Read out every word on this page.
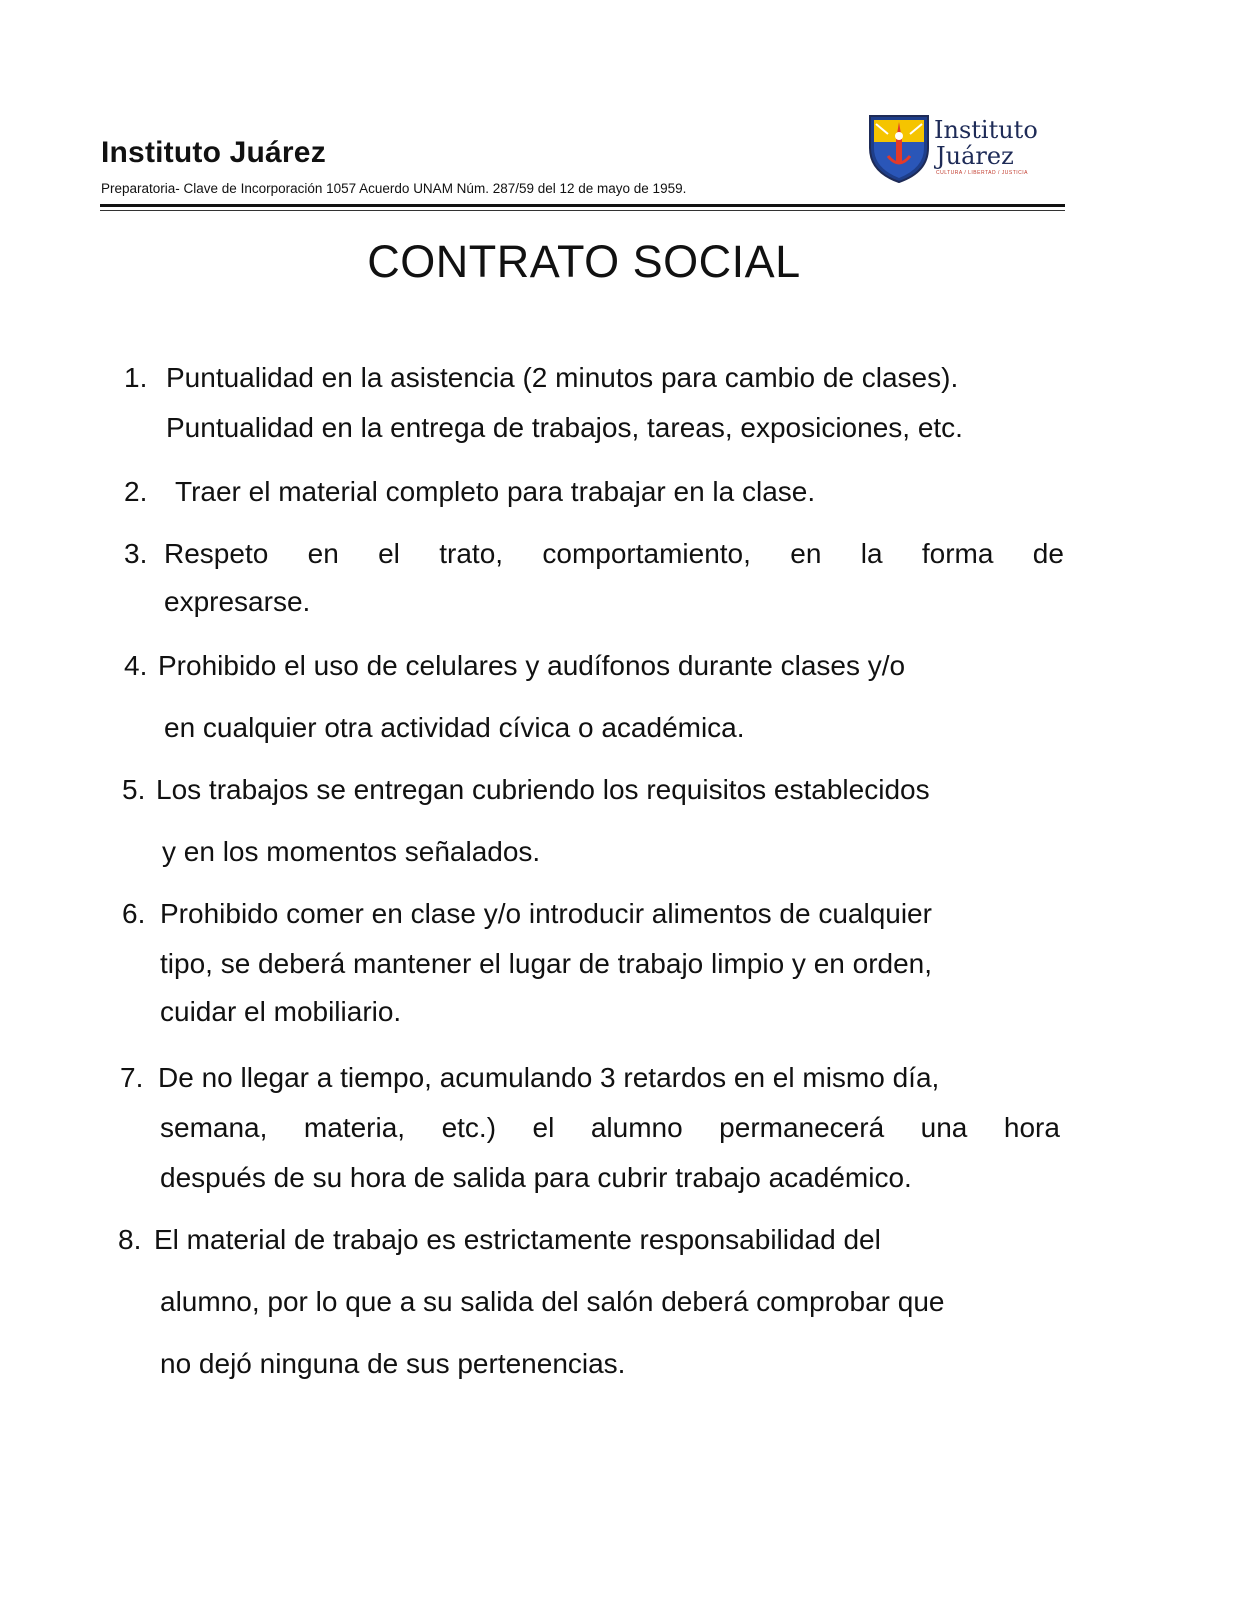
Instituto Juárez
Preparatoria- Clave de Incorporación 1057 Acuerdo UNAM Núm. 287/59 del 12 de mayo de 1959.
Instituto
Juárez
CULTURA / LIBERTAD / JUSTICIA
CONTRATO SOCIAL
1. Puntualidad en la asistencia (2 minutos para cambio de clases).
Puntualidad en la entrega de trabajos, tareas, exposiciones, etc.
2. Traer el material completo para trabajar en la clase.
3. Respeto en el trato, comportamiento, en la forma de
expresarse.
4. Prohibido el uso de celulares y audífonos durante clases y/o
en cualquier otra actividad cívica o académica.
5. Los trabajos se entregan cubriendo los requisitos establecidos
y en los momentos señalados.
6. Prohibido comer en clase y/o introducir alimentos de cualquier
tipo, se deberá mantener el lugar de trabajo limpio y en orden,
cuidar el mobiliario.
7. De no llegar a tiempo, acumulando 3 retardos en el mismo día,
semana, materia, etc.) el alumno permanecerá una hora
después de su hora de salida para cubrir trabajo académico.
8. El material de trabajo es estrictamente responsabilidad del
alumno, por lo que a su salida del salón deberá comprobar que
no dejó ninguna de sus pertenencias.
